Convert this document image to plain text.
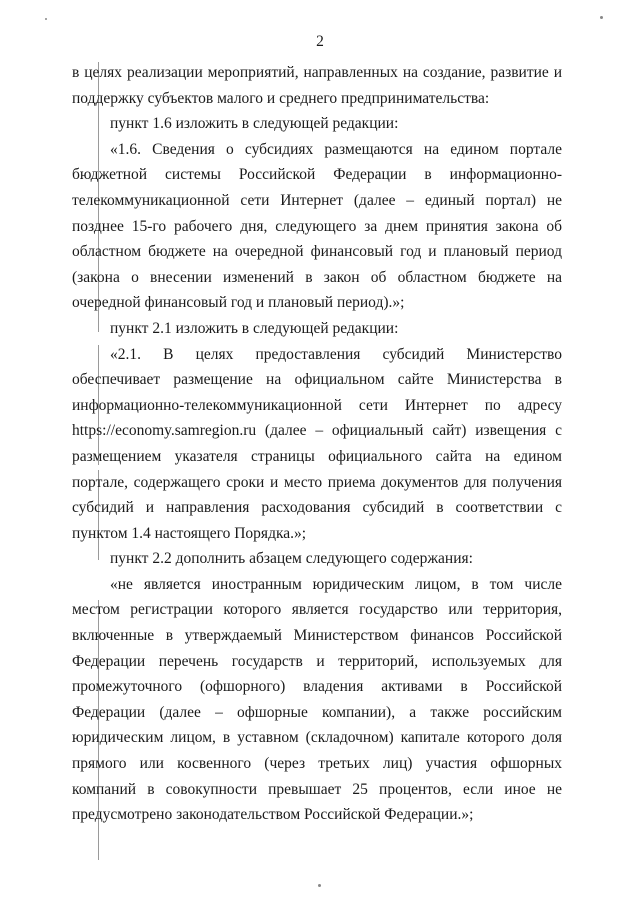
2

в целях реализации мероприятий, направленных на создание, развитие и поддержку субъектов малого и среднего предпринимательства:

пункт 1.6 изложить в следующей редакции:

«1.6. Сведения о субсидиях размещаются на едином портале бюджетной системы Российской Федерации в информационно-телекоммуникационной сети Интернет (далее – единый портал) не позднее 15-го рабочего дня, следующего за днем принятия закона об областном бюджете на очередной финансовый год и плановый период (закона о внесении изменений в закон об областном бюджете на очередной финансовый год и плановый период).»;

пункт 2.1 изложить в следующей редакции:

«2.1. В целях предоставления субсидий Министерство обеспечивает размещение на официальном сайте Министерства в информационно-телекоммуникационной сети Интернет по адресу https://economy.samregion.ru (далее – официальный сайт) извещения с размещением указателя страницы официального сайта на едином портале, содержащего сроки и место приема документов для получения субсидий и направления расходования субсидий в соответствии с пунктом 1.4 настоящего Порядка.»;

пункт 2.2 дополнить абзацем следующего содержания:

«не является иностранным юридическим лицом, в том числе местом регистрации которого является государство или территория, включенные в утверждаемый Министерством финансов Российской Федерации перечень государств и территорий, используемых для промежуточного (офшорного) владения активами в Российской Федерации (далее – офшорные компании), а также российским юридическим лицом, в уставном (складочном) капитале которого доля прямого или косвенного (через третьих лиц) участия офшорных компаний в совокупности превышает 25 процентов, если иное не предусмотрено законодательством Российской Федерации.»;
